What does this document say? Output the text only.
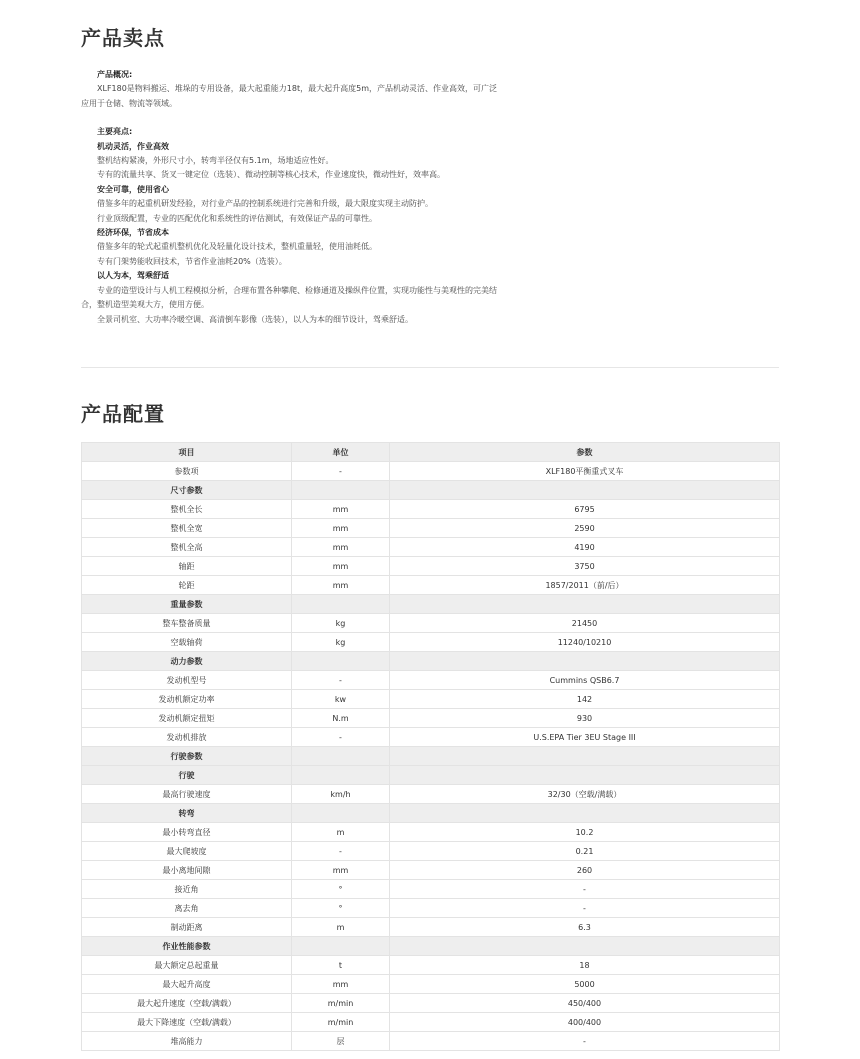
产品卖点

产品概况:

XLF180是物料搬运、堆垛的专用设备，最大起重能力18t，最大起升高度5m，产品机动灵活、作业高效，可广泛

应用于仓储、物流等领域。

主要亮点:

机动灵活，作业高效

整机结构紧凑，外形尺寸小，转弯半径仅有5.1m，场地适应性好。

专有的流量共享、货叉一键定位（选装）、微动控制等核心技术，作业速度快，微动性好，效率高。

安全可靠，使用省心

借鉴多年的起重机研发经验，对行业产品的控制系统进行完善和升级，最大限度实现主动防护。

行业顶级配置，专业的匹配优化和系统性的评估测试，有效保证产品的可靠性。

经济环保，节省成本

借鉴多年的轮式起重机整机优化及轻量化设计技术，整机重量轻，使用油耗低。

专有门架势能收回技术，节省作业油耗20%（选装）。

以人为本，驾乘舒适

专业的造型设计与人机工程模拟分析，合理布置各种攀爬、检修通道及操纵件位置，实现功能性与美观性的完美结

合，整机造型美观大方，使用方便。

全景司机室、大功率冷暖空调、高清倒车影像（选装），以人为本的细节设计，驾乘舒适。

产品配置
项目	单位	参数
参数项	-	XLF180平衡重式叉车
尺寸参数		
整机全长	mm	6795
整机全宽	mm	2590
整机全高	mm	4190
轴距	mm	3750
轮距	mm	1857/2011（前/后）
重量参数		
整车整备质量	kg	21450
空载轴荷	kg	11240/10210
动力参数		
发动机型号	-	Cummins QSB6.7
发动机额定功率	kw	142
发动机额定扭矩	N.m	930
发动机排放	-	U.S.EPA Tier 3EU Stage III
行驶参数		
行驶		
最高行驶速度	km/h	32/30（空载/满载）
转弯		
最小转弯直径	m	10.2
最大爬坡度	-	0.21
最小离地间隙	mm	260
接近角	°	-
离去角	°	-
制动距离	m	6.3
作业性能参数		
最大额定总起重量	t	18
最大起升高度	mm	5000
最大起升速度（空载/满载）	m/min	450/400
最大下降速度（空载/满载）	m/min	400/400
堆高能力	层	-
